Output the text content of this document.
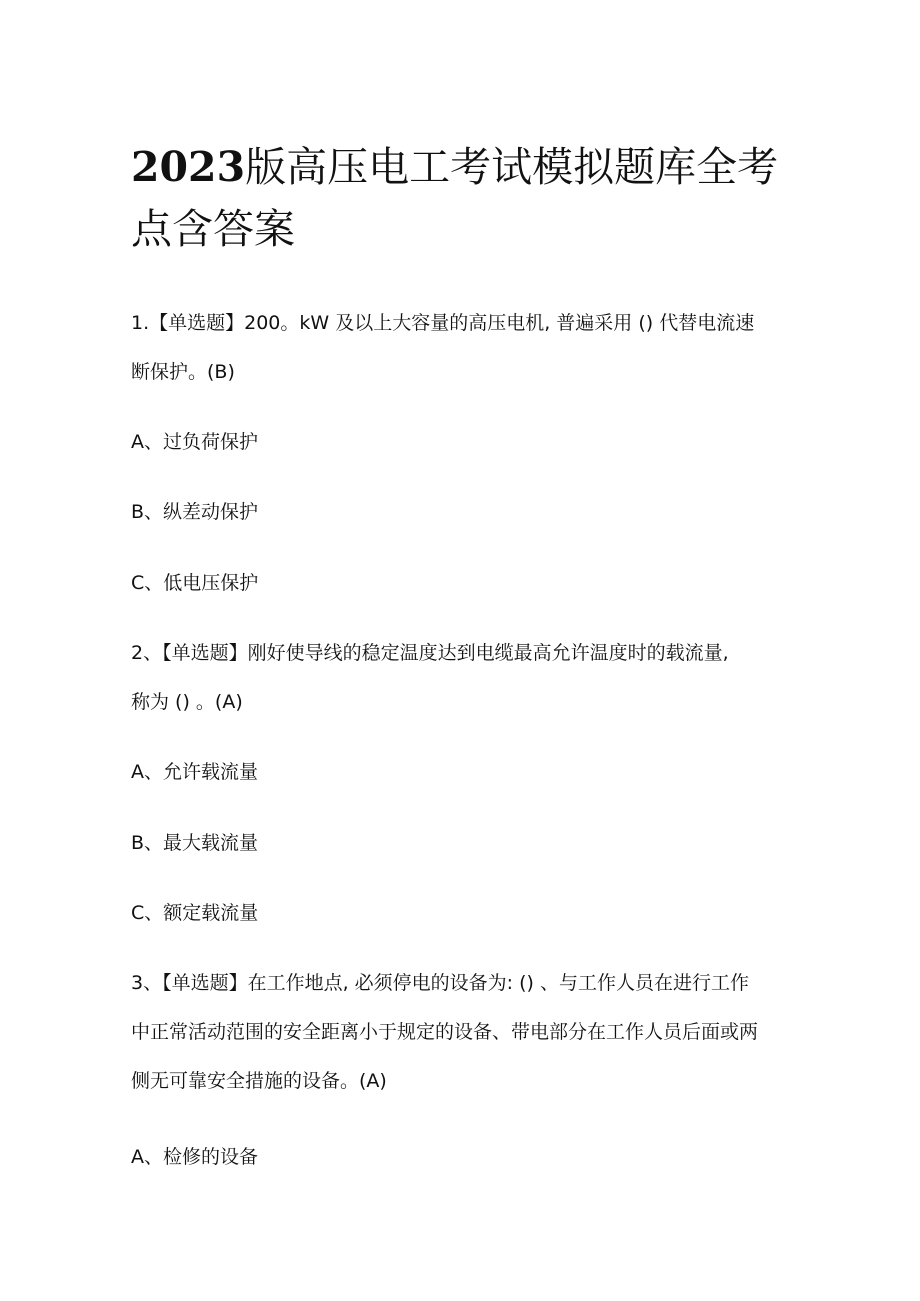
2023版高压电工考试模拟题库全考
点含答案
1.【单选题】200。kW 及以上大容量的高压电机, 普遍采用 () 代替电流速
断保护。(B)
A、过负荷保护
B、纵差动保护
C、低电压保护
2、【单选题】刚好使导线的稳定温度达到电缆最高允许温度时的载流量,
称为 () 。(A)
A、允许载流量
B、最大载流量
C、额定载流量
3、【单选题】在工作地点, 必须停电的设备为: () 、与工作人员在进行工作
中正常活动范围的安全距离小于规定的设备、带电部分在工作人员后面或两
侧无可靠安全措施的设备。(A)
A、检修的设备
